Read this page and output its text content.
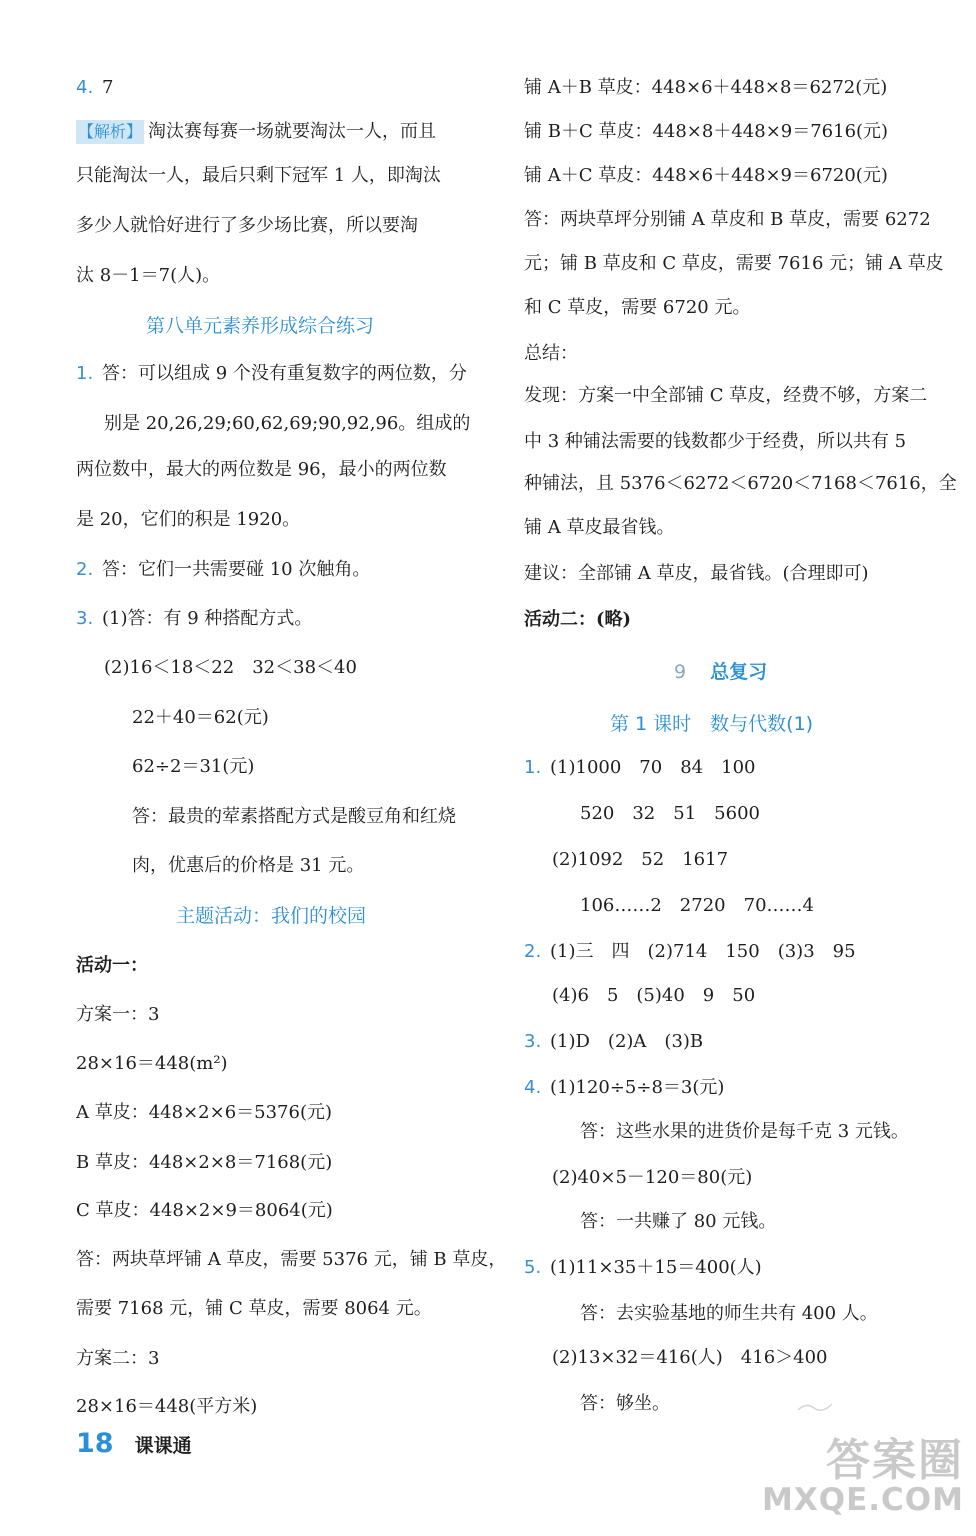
4. 7
【解析】 淘汰赛每赛一场就要淘汰一人，而且
只能淘汰一人，最后只剩下冠军 1 人，即淘汰
多少人就恰好进行了多少场比赛，所以要淘
汰 8－1＝7(人)。
第八单元素养形成综合练习
1. 答：可以组成 9 个没有重复数字的两位数，分
别是 20,26,29;60,62,69;90,92,96。组成的
两位数中，最大的两位数是 96，最小的两位数
是 20，它们的积是 1920。
2. 答：它们一共需要碰 10 次触角。
3. (1)答：有 9 种搭配方式。
(2)16＜18＜22　32＜38＜40
22＋40＝62(元)
62÷2＝31(元)
答：最贵的荤素搭配方式是酸豆角和红烧
肉，优惠后的价格是 31 元。
主题活动：我们的校园
活动一：
方案一：3
28×16＝448(m²)
A 草皮：448×2×6＝5376(元)
B 草皮：448×2×8＝7168(元)
C 草皮：448×2×9＝8064(元)
答：两块草坪铺 A 草皮，需要 5376 元，铺 B 草皮，
需要 7168 元，铺 C 草皮，需要 8064 元。
方案二：3
28×16＝448(平方米)
铺 A＋B 草皮：448×6＋448×8＝6272(元)
铺 B＋C 草皮：448×8＋448×9＝7616(元)
铺 A＋C 草皮：448×6＋448×9＝6720(元)
答：两块草坪分别铺 A 草皮和 B 草皮，需要 6272
元；铺 B 草皮和 C 草皮，需要 7616 元；铺 A 草皮
和 C 草皮，需要 6720 元。
总结：
发现：方案一中全部铺 C 草皮，经费不够，方案二
中 3 种铺法需要的钱数都少于经费，所以共有 5
种铺法，且 5376＜6272＜6720＜7168＜7616，全
铺 A 草皮最省钱。
建议：全部铺 A 草皮，最省钱。(合理即可)
活动二：(略)
9 总复习
第 1 课时　数与代数(1)
1. (1)1000　70　84　100
520　32　51　5600
(2)1092　52　1617
106……2　2720　70……4
2. (1)三　四　(2)714　150　(3)3　95
(4)6　5　(5)40　9　50
3. (1)D　(2)A　(3)B
4. (1)120÷5÷8＝3(元)
答：这些水果的进货价是每千克 3 元钱。
(2)40×5－120＝80(元)
答：一共赚了 80 元钱。
5. (1)11×35＋15＝400(人)
答：去实验基地的师生共有 400 人。
(2)13×32＝416(人)　416＞400
答：够坐。
18 课课通	答案圈
MXQE.COM
